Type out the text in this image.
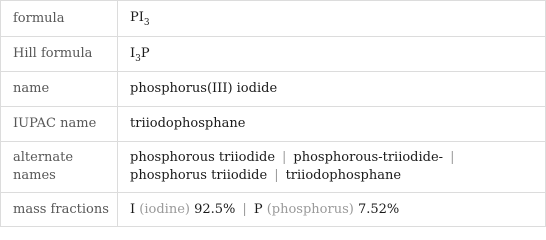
formula	$PI_3$
Hill formula	$I_3P$
name	phosphorus(III) iodide
IUPAC name	triiodophosphane
alternate names	phosphorous triiodide | phosphorous-triiodide- |
phosphorus triiodide | triiodophosphane
mass fractions	I (iodine) 92.5% | P (phosphorus) 7.52%
